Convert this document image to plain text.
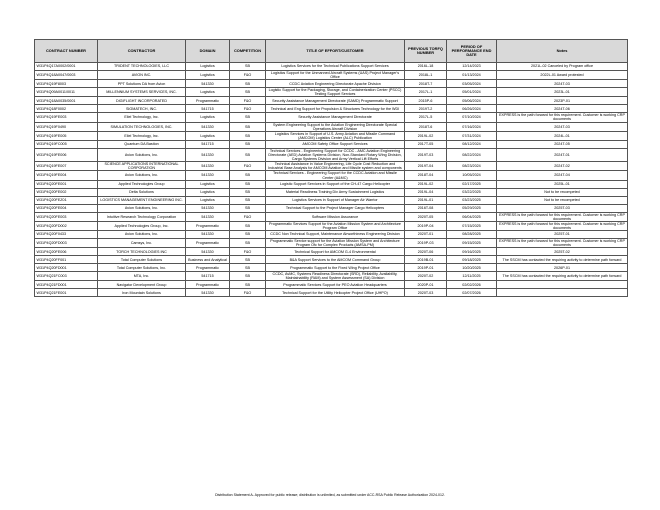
CONTRACT NUMBER	CONTRACTOR	DOMAIN	COMPETITION	TITLE OF EFFORT/CUSTOMER	PREVIOUS TORFQ NUMBER	PERIOD OF PERFORMANCE END DATE	Notes
W31P4Q17A0002/0001	TRIDENT TECHNOLOGIES, LLC	Logistics	SB	Logistics Services for the Technical Publications Support Services	2016L-18	12/14/2023	2021L-02 Canceled by Program office
W31P4Q18A0047/0003	AVION INC.	Logistics	F&O	Logistics Support for the Unmanned Aircraft Systems (UAS) Project Manager's Office	2018L-1	01/13/2024	2022L-01 Award protested
W31P4Q19F8003	PPT Solutions DA from Avion	541330	SB	CCDC Aviation Engineering Directorate Apache Division	2018T-7	03/05/2024	2024T-03
W31P4Q09A0011/0011	MILLENNIUM SYSTEMS SERVICES, INC.	Logistics	SB	Logistic Support for the Packaging, Storage, and Containerization Center (PSCC) Testing Support Services	2017L-1	05/01/2024	2023L-01
W31P4Q18A0035/0001	DIGIFLIGHT INCORPORATED	Programmatic	F&O	Security Assistance Management Directorate (SAMD) Programmatic Support	2015P-6	05/06/2024	2023P-01
W31P4Q18F0002	SIGMATECH, INC.	541715	F&O	Technical and Eng Support for Propulsion & Structures Technology for the WDI	2019T-2	06/26/2024	2024T-06
W31P4Q19FE003	Eliel Technology, Inc.	Logistics	SB	Security Assistance Management Directorate	2017L-5	07/10/2024	EXPRESS is the path forward for this requirement. Customer is working CRP documents
W31P4Q19F0490	SIMULATION TECHNOLOGIES, INC.	541330	SB	System Engineering Support to the Aviation Engineering Directorate Special Operations Aircraft Division	2018T-6	07/16/2024	2024T-03
W31P4Q19FE005	Eliel Technology, Inc.	Logistics	SB	Logistics Services in Support of U.S. Army Aviation and Missile Command (AMCOM) Logistics Center (ALC) Publication	2019L-02	07/31/2024	2024L-01
W31P4Q19FC005	Quantum DA Bastion	541715	SB	AMCOM Safety Office Support Services	2017T-05	08/12/2024	2024T-05
W31P4Q19FE006	Avion Solutions, Inc.	541330	SB	Technical Services - Engineering Support for CCDC - AMC Aviation Engineering Directorate (AED) Aviation Systems Division, Non-Standard Rotary Wing Division, Cargo Systems Division and Army Vertical Lift Efforts	2019T-03	08/22/2024	2024T-01
W31P4Q19FE007	SCIENCE APPLICATIONS INTERNATIONAL CORPORATION	541330	F&O	Technical Assistance in Value Engineering, Life Cycle Cost Reduction and Industrial Base Analysis for AMCOM Aviation and Missile system and components	2019T-04	08/23/2024	2024T-02
W31P4Q19FE004	Avion Solutions, Inc.	541330	SB	Technical Services - Engineering Support for the CCDC Aviation and Missile Center (A&MC)	2018T-04	10/05/2024	2024T-04
W31P4Q20FE001	Applied Technologies Group	Logistics	SB	Logistic Support Services in Support of the CH-47 Cargo Helicopter	2019L-02	02/17/2025	2025L-01
W31P4Q20FE002	Delta Solutions	Logistics	SB	Material Readiness Training Div Army Sustainment Logistics	2019L-04	03/22/2025	Not to be recompeted
W31P4Q20FEZ01	LOGISTICS MANAGEMENT ENGINEERING INC.	Logistics	SB	Logistics Services in Support of Manager Air Warrior	2019L-01	03/23/2025	Not to be recompeted
W31P4Q20FE004	Avion Solutions, Inc.	541330	SB	Technical Support to the Project Manager Cargo Helicopters	2016T-08	05/29/2025	2025T-03
W31P4Q20FE003	Intuitive Research Technology Corporation	541330	F&O	Software Mission Assurance	2020T-05	06/04/2025	EXPRESS is the path forward for this requirement. Customer is working CRP documents
W31P4Q20FD002	Applied Technologies Group, Inc.	Programmatic	SB	Programmatic Services Support for the Aviation Mission System and Architecture Program Office	2019P-04	07/15/2025	EXPRESS is the path forward for this requirement. Customer is working CRP documents
W31P4Q20F0433	Avion Solutions, Inc.	541330	SB	CCDC Non Technical Support, Maintenance Airworthiness Engineering Division	2020T-01	08/28/2025	2025T-01
W31P4Q20FD003	Camsys, Inc.	Programmatic	SB	Programmatic Service support for the Aviation Mission System and Architecture Program Ofc for Complex Products (AMSA-PM)	2019P-03	09/15/2025	EXPRESS is the path forward for this requirement. Customer is working CRP documents
W31P4Q20FE006	TORCH TECHNOLOGIES INC	541330	F&O	Technical Support for AMCOM G-4 Environmental	2020T-06	09/16/2025	2025T-02
W31P4Q20FF001	Total Computer Solutions	Business and Analytical	SB	B&A Support Services to the AMCOM Command Group	2019B-01	09/18/2025	The SSCM has contacted the requiring activity to determine path forward
W31P4Q20FD001	Total Computer Solutions, Inc.	Programmatic	SB	Programmatic Support to the Fixed Wing Project Office	2019P-01	10/20/2025	2026P-01
W31P4Q21FC003	MTA, Inc.	541715	SB	CCDC, AvMC, Systems Readiness Directorate (SRD), Reliability, Availability, Maintainability (RAM) and System Assessment (SA) Division	2020T-02	12/11/2025	The SSCM has contacted the requiring activity to determine path forward
W31P4Q21FD001	Navigator Development Group	Programmatic	SB	Programmatic Services Support for PEO Aviation Headquarters	2020P-01	02/02/2026	
W31P4Q21FE001	Iron Mountain Solutions	541330	F&O	Technical Support for the Utility Helicopter Project Office (UHPO)	2020T-03	02/07/2026	
Distribution Statement A- Approved for public release; distribution is unlimited, as submitted under ACC-RSA Public Release Authorization 2024-012.
